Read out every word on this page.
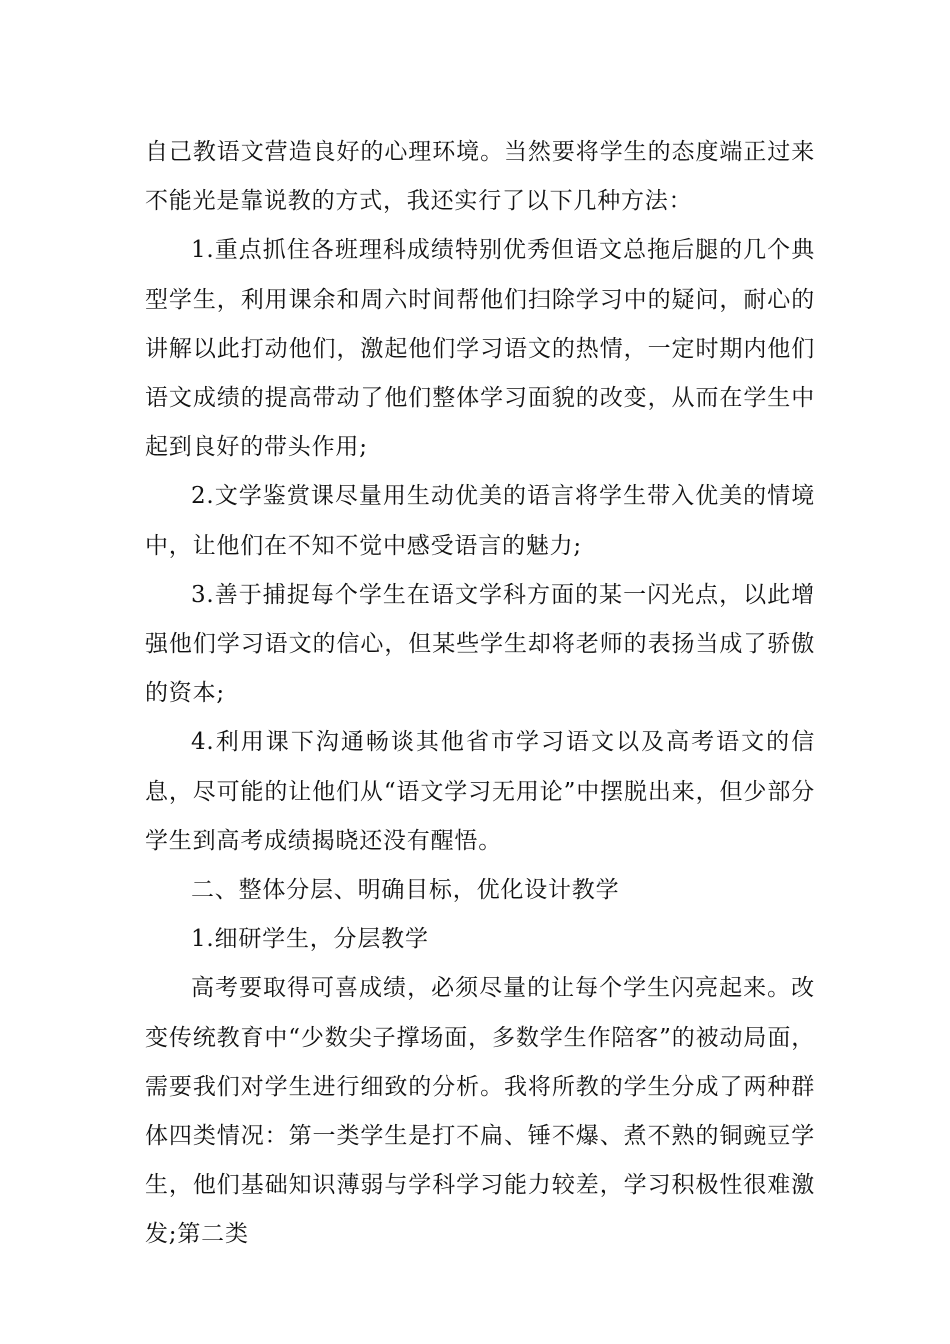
自己教语文营造良好的心理环境。当然要将学生的态度端正过来不能光是靠说教的方式，我还实行了以下几种方法：

1.重点抓住各班理科成绩特别优秀但语文总拖后腿的几个典型学生，利用课余和周六时间帮他们扫除学习中的疑问，耐心的讲解以此打动他们，激起他们学习语文的热情，一定时期内他们语文成绩的提高带动了他们整体学习面貌的改变，从而在学生中起到良好的带头作用;

2.文学鉴赏课尽量用生动优美的语言将学生带入优美的情境中，让他们在不知不觉中感受语言的魅力;

3.善于捕捉每个学生在语文学科方面的某一闪光点，以此增强他们学习语文的信心，但某些学生却将老师的表扬当成了骄傲的资本;

4.利用课下沟通畅谈其他省市学习语文以及高考语文的信息，尽可能的让他们从“语文学习无用论”中摆脱出来，但少部分学生到高考成绩揭晓还没有醒悟。

二、整体分层、明确目标，优化设计教学

1.细研学生，分层教学

高考要取得可喜成绩，必须尽量的让每个学生闪亮起来。改变传统教育中“少数尖子撑场面，多数学生作陪客”的被动局面，需要我们对学生进行细致的分析。我将所教的学生分成了两种群体四类情况：第一类学生是打不扁、锤不爆、煮不熟的铜豌豆学生，他们基础知识薄弱与学科学习能力较差，学习积极性很难激发;第二类
